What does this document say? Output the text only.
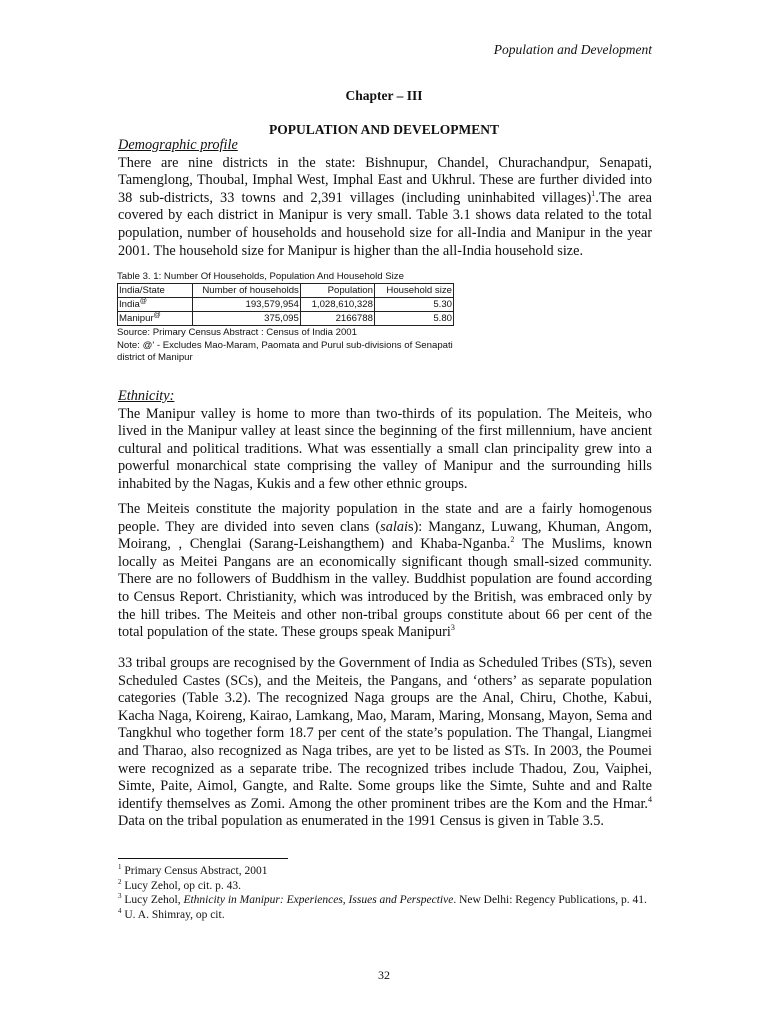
Population and Development
Chapter – III
POPULATION AND DEVELOPMENT
Demographic profile

There are nine districts in the state: Bishnupur, Chandel, Churachandpur, Senapati, Tamenglong, Thoubal, Imphal West, Imphal East and Ukhrul. These are further divided into 38 sub-districts, 33 towns and 2,391 villages (including uninhabited villages)$^1$.The area covered by each district in Manipur is very small. Table 3.1 shows data related to the total population, number of households and household size for all-India and Manipur in the year 2001. The household size for Manipur is higher than the all-India household size.

Table 3. 1: Number Of Households, Population And Household Size
India/State	Number of households	Population	Household size
India@	193,579,954	1,028,610,328	5.30
Manipur@	375,095	2166788	5.80
Source: Primary Census Abstract : Census of India 2001
Note: @' - Excludes Mao-Maram, Paomata and Purul sub-divisions of Senapati district of Manipur
Ethnicity:

The Manipur valley is home to more than two-thirds of its population. The Meiteis, who lived in the Manipur valley at least since the beginning of the first millennium, have ancient cultural and political traditions. What was essentially a small clan principality grew into a powerful monarchical state comprising the valley of Manipur and the surrounding hills inhabited by the Nagas, Kukis and a few other ethnic groups.

The Meiteis constitute the majority population in the state and are a fairly homogenous people. They are divided into seven clans (salais): Manganz, Luwang, Khuman, Angom, Moirang, , Chenglai (Sarang-Leishangthem) and Khaba-Nganba.$^2$ The Muslims, known locally as Meitei Pangans are an economically significant though small-sized community. There are no followers of Buddhism in the valley. Buddhist population are found according to Census Report. Christianity, which was introduced by the British, was embraced only by the hill tribes. The Meiteis and other non-tribal groups constitute about 66 per cent of the total population of the state. These groups speak Manipuri$^3$

33 tribal groups are recognised by the Government of India as Scheduled Tribes (STs), seven Scheduled Castes (SCs), and the Meiteis, the Pangans, and ‘others’ as separate population categories (Table 3.2). The recognized Naga groups are the Anal, Chiru, Chothe, Kabui, Kacha Naga, Koireng, Kairao, Lamkang, Mao, Maram, Maring, Monsang, Mayon, Sema and Tangkhul who together form 18.7 per cent of the state’s population. The Thangal, Liangmei and Tharao, also recognized as Naga tribes, are yet to be listed as STs. In 2003, the Poumei were recognized as a separate tribe. The recognized tribes include Thadou, Zou, Vaiphei, Simte, Paite, Aimol, Gangte, and Ralte. Some groups like the Simte, Suhte and and Ralte identify themselves as Zomi. Among the other prominent tribes are the Kom and the Hmar.$^4$ Data on the tribal population as enumerated in the 1991 Census is given in Table 3.5.

$^1$ Primary Census Abstract, 2001
$^2$ Lucy Zehol, op cit. p. 43.
$^3$ Lucy Zehol, Ethnicity in Manipur: Experiences, Issues and Perspective. New Delhi: Regency Publications, p. 41.
$^4$ U. A. Shimray, op cit.
32
